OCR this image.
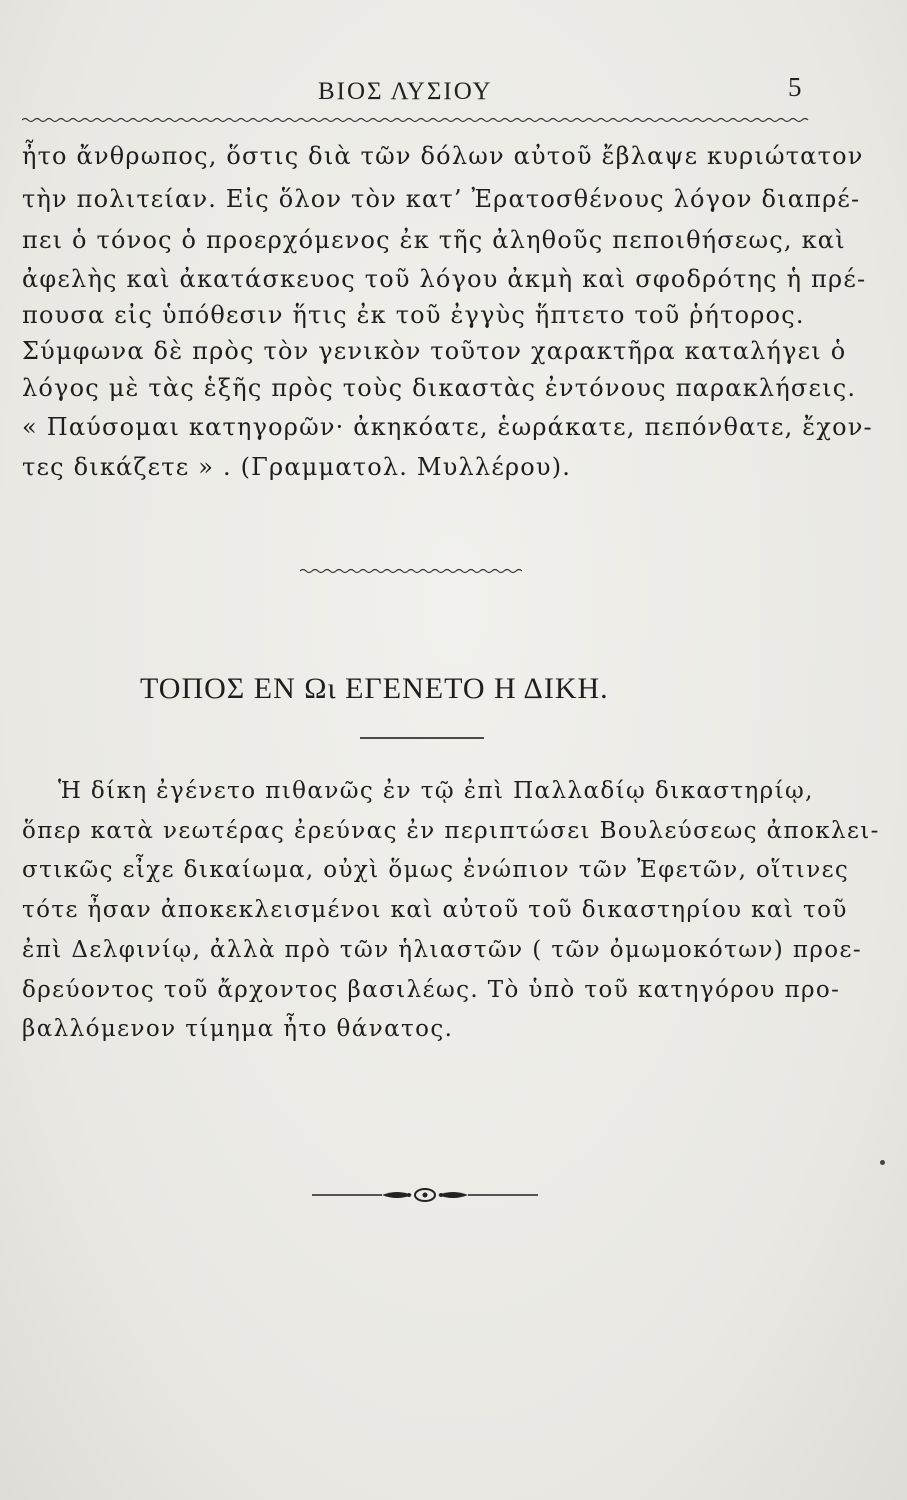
ΒΙΟΣ ΛΥΣΙΟΥ	5
ἦτο ἄνθρωπος, ὅστις διὰ τῶν δόλων αὐτοῦ ἔβλαψε κυριώτατον
τὴν πολιτείαν. Εἰς ὅλον τὸν κατ’ Ἐρατοσθένους λόγον διαπρέ-
πει ὁ τόνος ὁ προερχόμενος ἐκ τῆς ἀληθοῦς πεποιθήσεως, καὶ
ἀφελὴς καὶ ἀκατάσκευος τοῦ λόγου ἀκμὴ καὶ σφοδρότης ἡ πρέ-
πουσα εἰς ὑπόθεσιν ἥτις ἐκ τοῦ ἐγγὺς ἥπτετο τοῦ ῥήτορος.
Σύμφωνα δὲ πρὸς τὸν γενικὸν τοῦτον χαρακτῆρα καταλήγει ὁ
λόγος μὲ τὰς ἑξῆς πρὸς τοὺς δικαστὰς ἐντόνους παρακλήσεις.
« Παύσομαι κατηγορῶν· ἀκηκόατε, ἑωράκατε, πεπόνθατε, ἔχον-
τες δικάζετε » . (Γραμματολ. Μυλλέρου).
ΤΟΠΟΣ ΕΝ Ωι ΕΓΕΝΕΤΟ Η ΔΙΚΗ.
Ἡ δίκη ἐγένετο πιθανῶς ἐν τῷ ἐπὶ Παλλαδίῳ δικαστηρίῳ,
ὅπερ κατὰ νεωτέρας ἐρεύνας ἐν περιπτώσει Βουλεύσεως ἀποκλει-
στικῶς εἶχε δικαίωμα, οὐχὶ ὅμως ἐνώπιον τῶν Ἐφετῶν, οἵτινες
τότε ἦσαν ἀποκεκλεισμένοι καὶ αὐτοῦ τοῦ δικαστηρίου καὶ τοῦ
ἐπὶ Δελφινίῳ, ἀλλὰ πρὸ τῶν ἡλιαστῶν ( τῶν ὀμωμοκότων) προε-
δρεύοντος τοῦ ἄρχοντος βασιλέως. Τὸ ὑπὸ τοῦ κατηγόρου προ-
βαλλόμενον τίμημα ἦτο θάνατος.
